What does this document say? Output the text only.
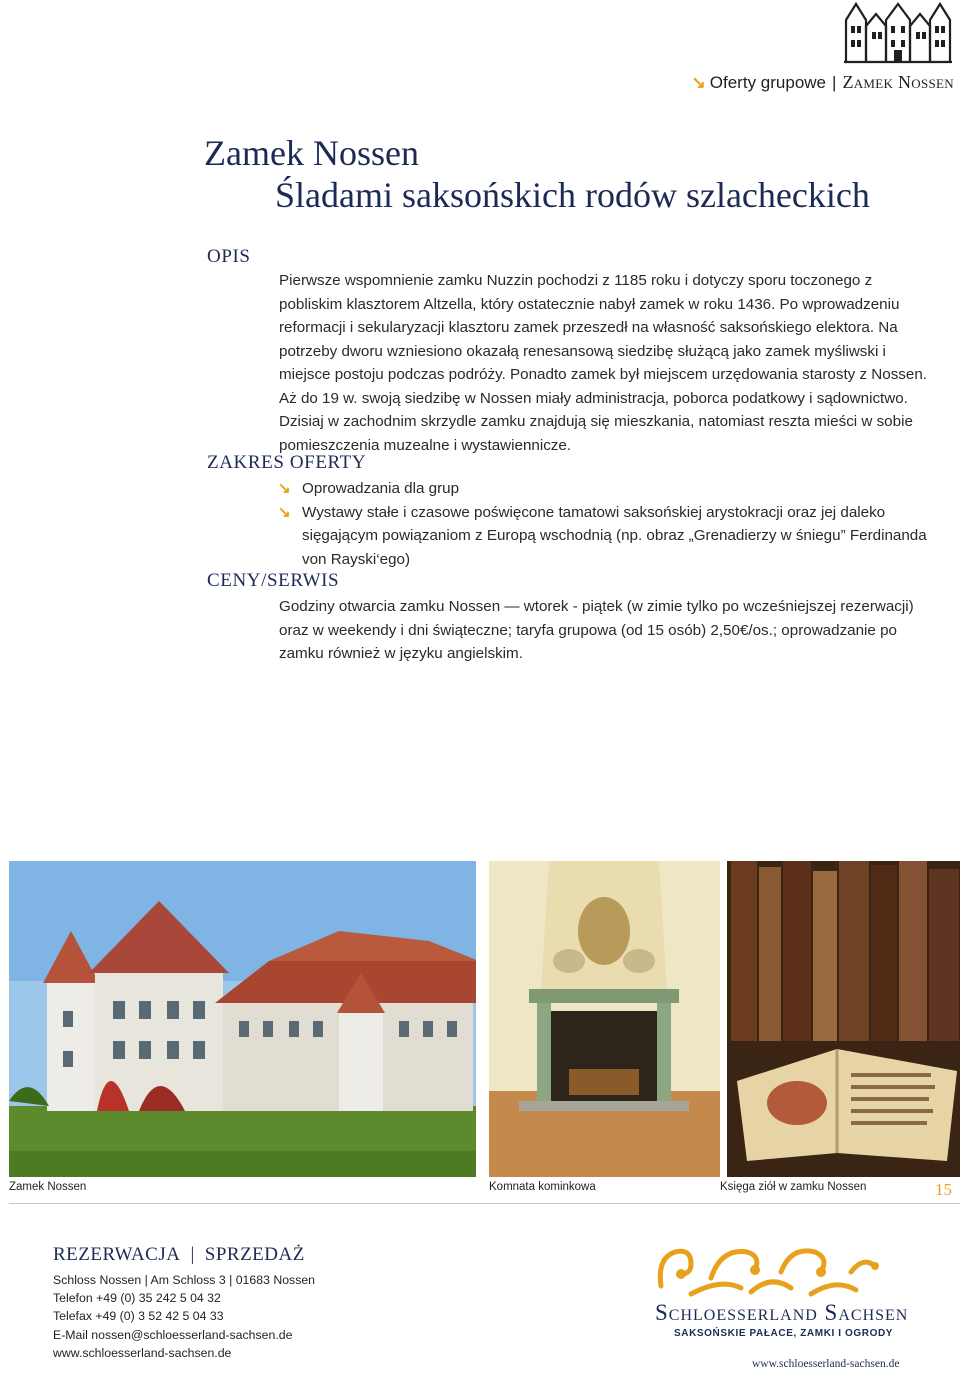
↘ Oferty grupowe | Zamek Nossen
Zamek Nossen
Śladami saksońskich rodów szlacheckich
OPIS
Pierwsze wspomnienie zamku Nuzzin pochodzi z 1185 roku i dotyczy sporu toczonego z pobliskim klasztorem Altzella, który ostatecznie nabył zamek w roku 1436. Po wprowadzeniu reformacji i sekularyzacji klasztoru zamek przeszedł na własność saksońskiego elektora. Na potrzeby dworu wzniesiono okazałą renesansową siedzibę służącą jako zamek myśliwski i miejsce postoju podczas podróży. Ponadto zamek był miejscem urzędowania starosty z Nossen. Aż do 19 w. swoją siedzibę w Nossen miały administracja, poborca podatkowy i sądownictwo. Dzisiaj w zachodnim skrzydle zamku znajdują się mieszkania, natomiast reszta mieści w sobie pomieszczenia muzealne i wystawiennicze.
ZAKRES OFERTY
↘ Oprowadzania dla grup
↘ Wystawy stałe i czasowe poświęcone tamatowi saksońskiej arystokracji oraz jej daleko sięgającym powiązaniom z Europą wschodnią (np. obraz „Grenadierzy w śniegu” Ferdinanda von Rayski‘ego)
CENY/SERWIS
Godziny otwarcia zamku Nossen — wtorek - piątek (w zimie tylko po wcześniejszej rezerwacji) oraz w weekendy i dni świąteczne; taryfa grupowa (od 15 osób) 2,50€/os.; oprowadzanie po zamku również w języku angielskim.
Zamek Nossen	Komnata kominkowa	Księga ziół w zamku Nossen	15
REZERWACJA | SPRZEDAŻ
Schloss Nossen | Am Schloss 3 | 01683 Nossen
Telefon +49 (0) 35 242 5 04 32
Telefax +49 (0) 3 52 42 5 04 33
E-Mail nossen@schloesserland-sachsen.de
www.schloesserland-sachsen.de
Schloesserland Sachsen
SAKSOŃSKIE PAŁACE, ZAMKI I OGRODY
www.schloesserland-sachsen.de
